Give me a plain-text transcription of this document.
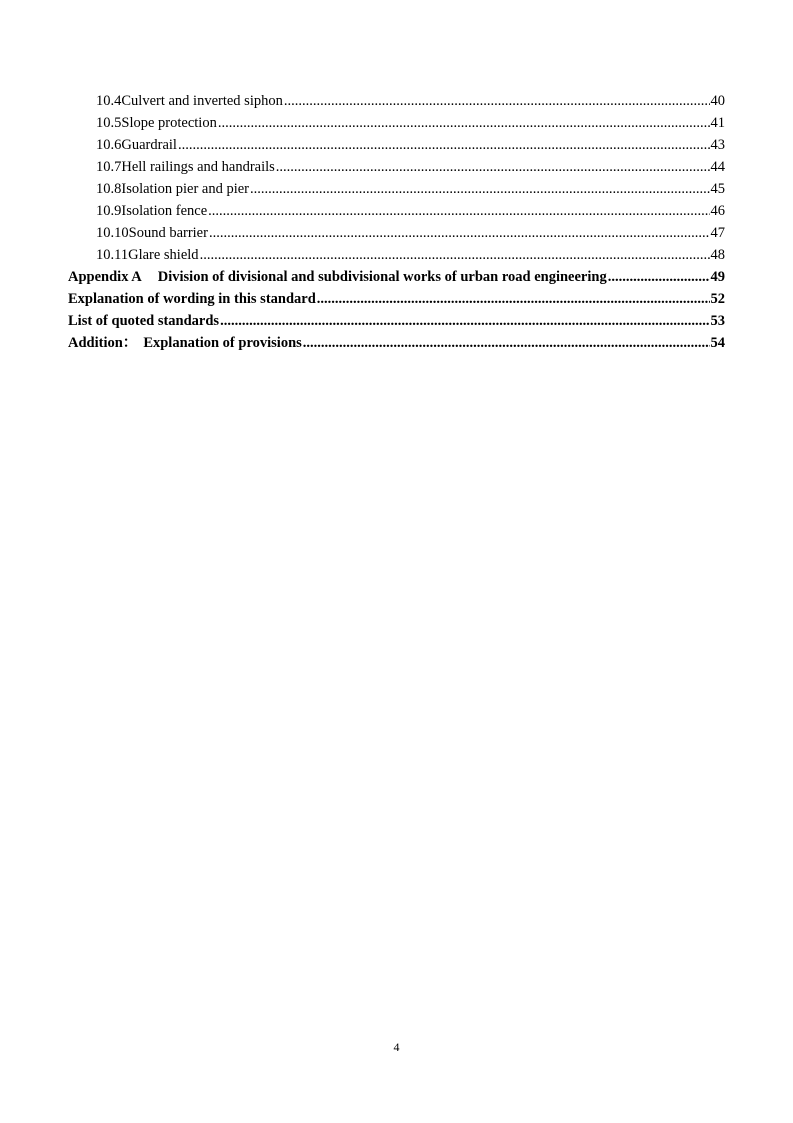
10.4 Culvert and inverted siphon .....	40
10.5 Slope protection .....	41
10.6 Guardrail .....	43
10.7 Hell railings and handrails .....	44
10.8 Isolation pier and pier .....	45
10.9 Isolation fence .....	46
10.10 Sound barrier .....	47
10.11 Glare shield .....	48
Appendix A Division of divisional and subdivisional works of urban road engineering .....	49
Explanation of wording in this standard .....	52
List of quoted standards .....	53
Addition： Explanation of provisions .....	54
4
